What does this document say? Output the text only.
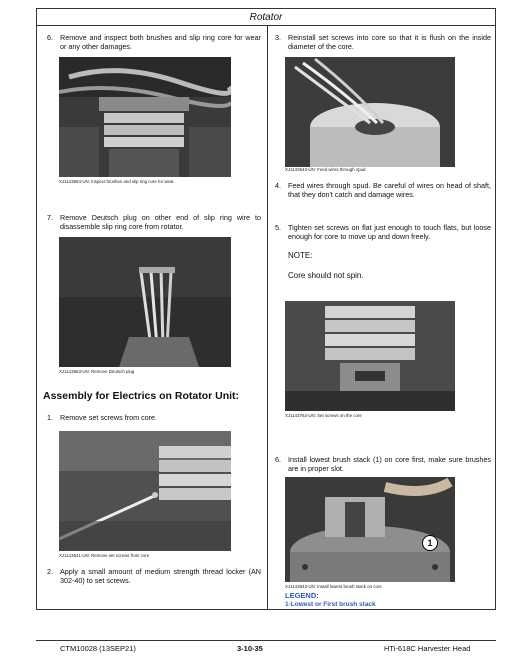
Rotator
6. Remove and inspect both brushes and slip ring core for wear or any other damages.
XJ1143664-UN: Inspect brushes and slip ring core for wear
7. Remove Deutsch plug on other end of slip ring wire to disassemble slip ring core from rotator.
XJ1143663-UN: Remove Deutsch plug
Assembly for Electrics on Rotator Unit:
1. Remove set screws from core.
XJ1143641-UN: Remove set screws from core
2. Apply a small amount of medium strength thread locker (AN 302-40) to set screws.
3. Reinstall set screws into core so that it is flush on the inside diameter of the core.
XJ1143643-UN: Feed wires through spud
4. Feed wires through spud. Be careful of wires on head of shaft, that they don't catch and damage wires.
5. Tighten set screws on flat just enough to touch flats, but loose enough for core to move up and down freely.
NOTE:
Core should not spin.
XJ1143762-UN: Set screws on the core
6. Install lowest brush stack (1) on core first, make sure brushes are in proper slot.
1
XJ1143643-UN: Install lowest brush stack on core
LEGEND:
1-Lowest or First brush stack
CTM10028 (13SEP21)	3-10-35	HTi-618C Harvester Head
